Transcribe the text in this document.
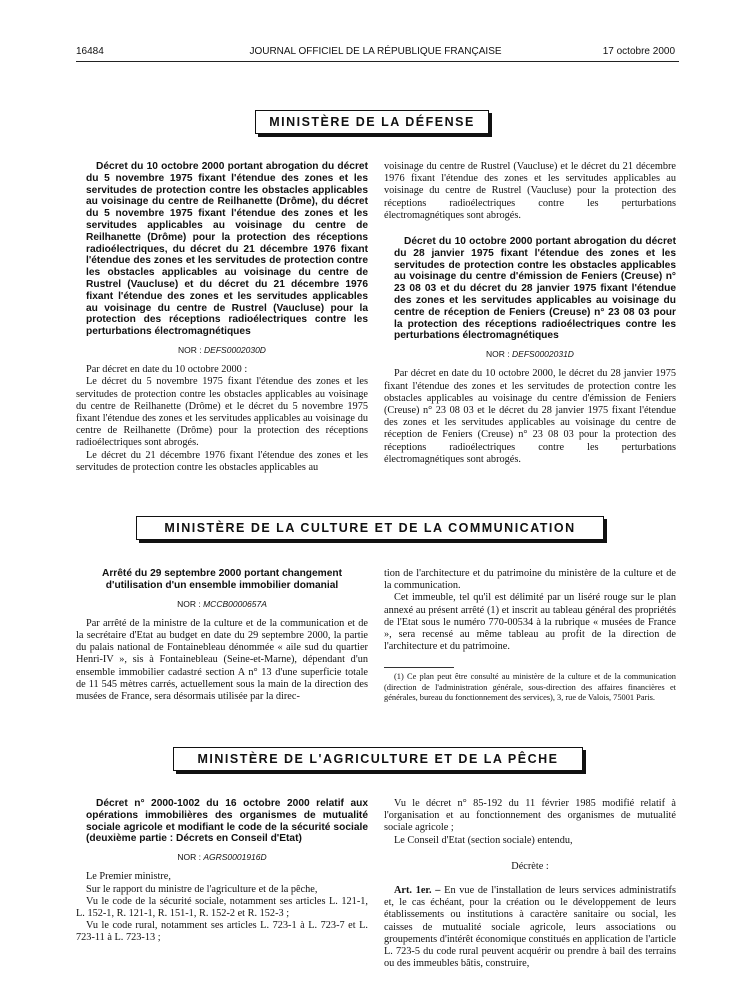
16484	JOURNAL OFFICIEL DE LA RÉPUBLIQUE FRANÇAISE	17 octobre 2000
MINISTÈRE DE LA DÉFENSE

Décret du 10 octobre 2000 portant abrogation du décret du 5 novembre 1975 fixant l'étendue des zones et les servitudes de protection contre les obstacles applicables au voisinage du centre de Reilhanette (Drôme), du décret du 5 novembre 1975 fixant l'étendue des zones et les servitudes applicables au voisinage du centre de Reilhanette (Drôme) pour la protection des réceptions radioélectriques, du décret du 21 décembre 1976 fixant l'étendue des zones et les servitudes de protection contre les obstacles applicables au voisinage du centre de Rustrel (Vaucluse) et du décret du 21 décembre 1976 fixant l'étendue des zones et les servitudes applicables au voisinage du centre de Rustrel (Vaucluse) pour la protection des réceptions radioélectriques contre les perturbations électromagnétiques

NOR : DEFS0002030D

Par décret en date du 10 octobre 2000 :

Le décret du 5 novembre 1975 fixant l'étendue des zones et les servitudes de protection contre les obstacles applicables au voisinage du centre de Reilhanette (Drôme) et le décret du 5 novembre 1975 fixant l'étendue des zones et les servitudes applicables au voisinage du centre de Reilhanette (Drôme) pour la protection des réceptions radioélectriques sont abrogés.

Le décret du 21 décembre 1976 fixant l'étendue des zones et les servitudes de protection contre les obstacles applicables au

voisinage du centre de Rustrel (Vaucluse) et le décret du 21 décembre 1976 fixant l'étendue des zones et les servitudes applicables au voisinage du centre de Rustrel (Vaucluse) pour la protection des réceptions radioélectriques contre les perturbations électromagnétiques sont abrogés.

Décret du 10 octobre 2000 portant abrogation du décret du 28 janvier 1975 fixant l'étendue des zones et les servitudes de protection contre les obstacles applicables au voisinage du centre d'émission de Feniers (Creuse) n° 23 08 03 et du décret du 28 janvier 1975 fixant l'étendue des zones et les servitudes applicables au voisinage du centre de réception de Feniers (Creuse) n° 23 08 03 pour la protection des réceptions radioélectriques contre les perturbations électromagnétiques

NOR : DEFS0002031D

Par décret en date du 10 octobre 2000, le décret du 28 janvier 1975 fixant l'étendue des zones et les servitudes de protection contre les obstacles applicables au voisinage du centre d'émission de Feniers (Creuse) n° 23 08 03 et le décret du 28 janvier 1975 fixant l'étendue des zones et les servitudes applicables au voisinage du centre de réception de Feniers (Creuse) n° 23 08 03 pour la protection des réceptions radioélectriques contre les perturbations électromagnétiques sont abrogés.

MINISTÈRE DE LA CULTURE ET DE LA COMMUNICATION

Arrêté du 29 septembre 2000 portant changement d'utilisation d'un ensemble immobilier domanial

NOR : MCCB0000657A

Par arrêté de la ministre de la culture et de la communication et de la secrétaire d'Etat au budget en date du 29 septembre 2000, la partie du palais national de Fontainebleau dénommée « aile sud du quartier Henri-IV », sis à Fontainebleau (Seine-et-Marne), dépendant d'un ensemble immobilier cadastré section A n° 13 d'une superficie totale de 11 545 mètres carrés, actuellement sous la main de la direction des musées de France, sera désormais utilisée par la direc-

tion de l'architecture et du patrimoine du ministère de la culture et de la communication.

Cet immeuble, tel qu'il est délimité par un liséré rouge sur le plan annexé au présent arrêté (1) et inscrit au tableau général des propriétés de l'Etat sous le numéro 770-00534 à la rubrique « musées de France », sera recensé au même tableau au profit de la direction de l'architecture et du patrimoine.

(1) Ce plan peut être consulté au ministère de la culture et de la communication (direction de l'administration générale, sous-direction des affaires financières et générales, bureau du fonctionnement des services), 3, rue de Valois, 75001 Paris.

MINISTÈRE DE L'AGRICULTURE ET DE LA PÊCHE

Décret n° 2000-1002 du 16 octobre 2000 relatif aux opérations immobilières des organismes de mutualité sociale agricole et modifiant le code de la sécurité sociale (deuxième partie : Décrets en Conseil d'Etat)

NOR : AGRS0001916D

Le Premier ministre,

Sur le rapport du ministre de l'agriculture et de la pêche,

Vu le code de la sécurité sociale, notamment ses articles L. 121-1, L. 152-1, R. 121-1, R. 151-1, R. 152-2 et R. 152-3 ;

Vu le code rural, notamment ses articles L. 723-1 à L. 723-7 et L. 723-11 à L. 723-13 ;

Vu le décret n° 85-192 du 11 février 1985 modifié relatif à l'organisation et au fonctionnement des organismes de mutualité sociale agricole ;

Le Conseil d'Etat (section sociale) entendu,

Décrète :

Art. 1er. – En vue de l'installation de leurs services administratifs et, le cas échéant, pour la création ou le développement de leurs établissements ou institutions à caractère sanitaire ou social, les caisses de mutualité sociale agricole, leurs associations ou groupements d'intérêt économique constitués en application de l'article L. 723-5 du code rural peuvent acquérir ou prendre à bail des terrains ou des immeubles bâtis, construire,
